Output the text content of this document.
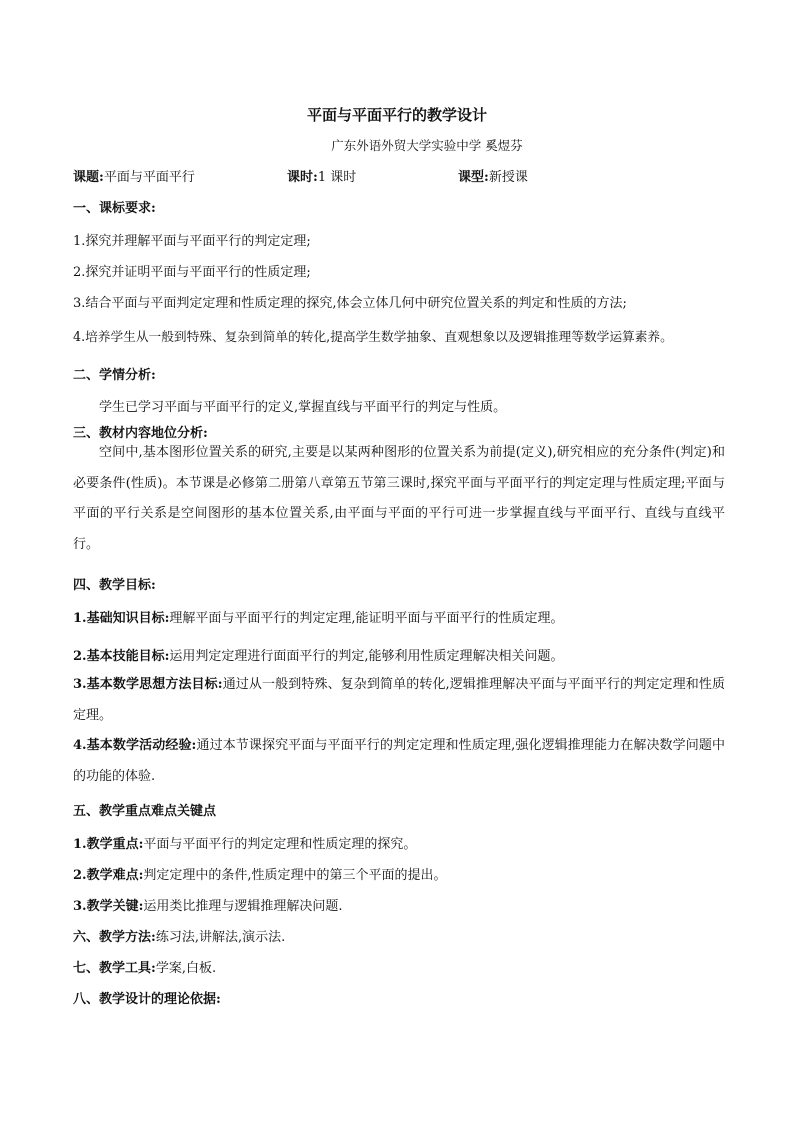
平面与平面平行的教学设计
广东外语外贸大学实验中学 奚煜芬
课题:平面与平面平行	课时:1 课时	课型:新授课
一、课标要求:
1.探究并理解平面与平面平行的判定定理;
2.探究并证明平面与平面平行的性质定理;
3.结合平面与平面判定定理和性质定理的探究,体会立体几何中研究位置关系的判定和性质的方法;
4.培养学生从一般到特殊、复杂到简单的转化,提高学生数学抽象、直观想象以及逻辑推理等数学运算素养。
二、学情分析:
学生已学习平面与平面平行的定义,掌握直线与平面平行的判定与性质。
三、教材内容地位分析:
空间中,基本图形位置关系的研究,主要是以某两种图形的位置关系为前提(定义),研究相应的充分条件(判定)和必要条件(性质)。本节课是必修第二册第八章第五节第三课时,探究平面与平面平行的判定定理与性质定理;平面与平面的平行关系是空间图形的基本位置关系,由平面与平面的平行可进一步掌握直线与平面平行、直线与直线平行。
四、教学目标:
1.基础知识目标:理解平面与平面平行的判定定理,能证明平面与平面平行的性质定理。
2.基本技能目标:运用判定定理进行面面平行的判定,能够利用性质定理解决相关问题。
3.基本数学思想方法目标:通过从一般到特殊、复杂到简单的转化,逻辑推理解决平面与平面平行的判定定理和性质定理。
4.基本数学活动经验:通过本节课探究平面与平面平行的判定定理和性质定理,强化逻辑推理能力在解决数学问题中的功能的体验.
五、教学重点难点关键点
1.教学重点:平面与平面平行的判定定理和性质定理的探究。
2.教学难点:判定定理中的条件,性质定理中的第三个平面的提出。
3.教学关键:运用类比推理与逻辑推理解决问题.
六、教学方法:练习法,讲解法,演示法.
七、教学工具:学案,白板.
八、教学设计的理论依据:
